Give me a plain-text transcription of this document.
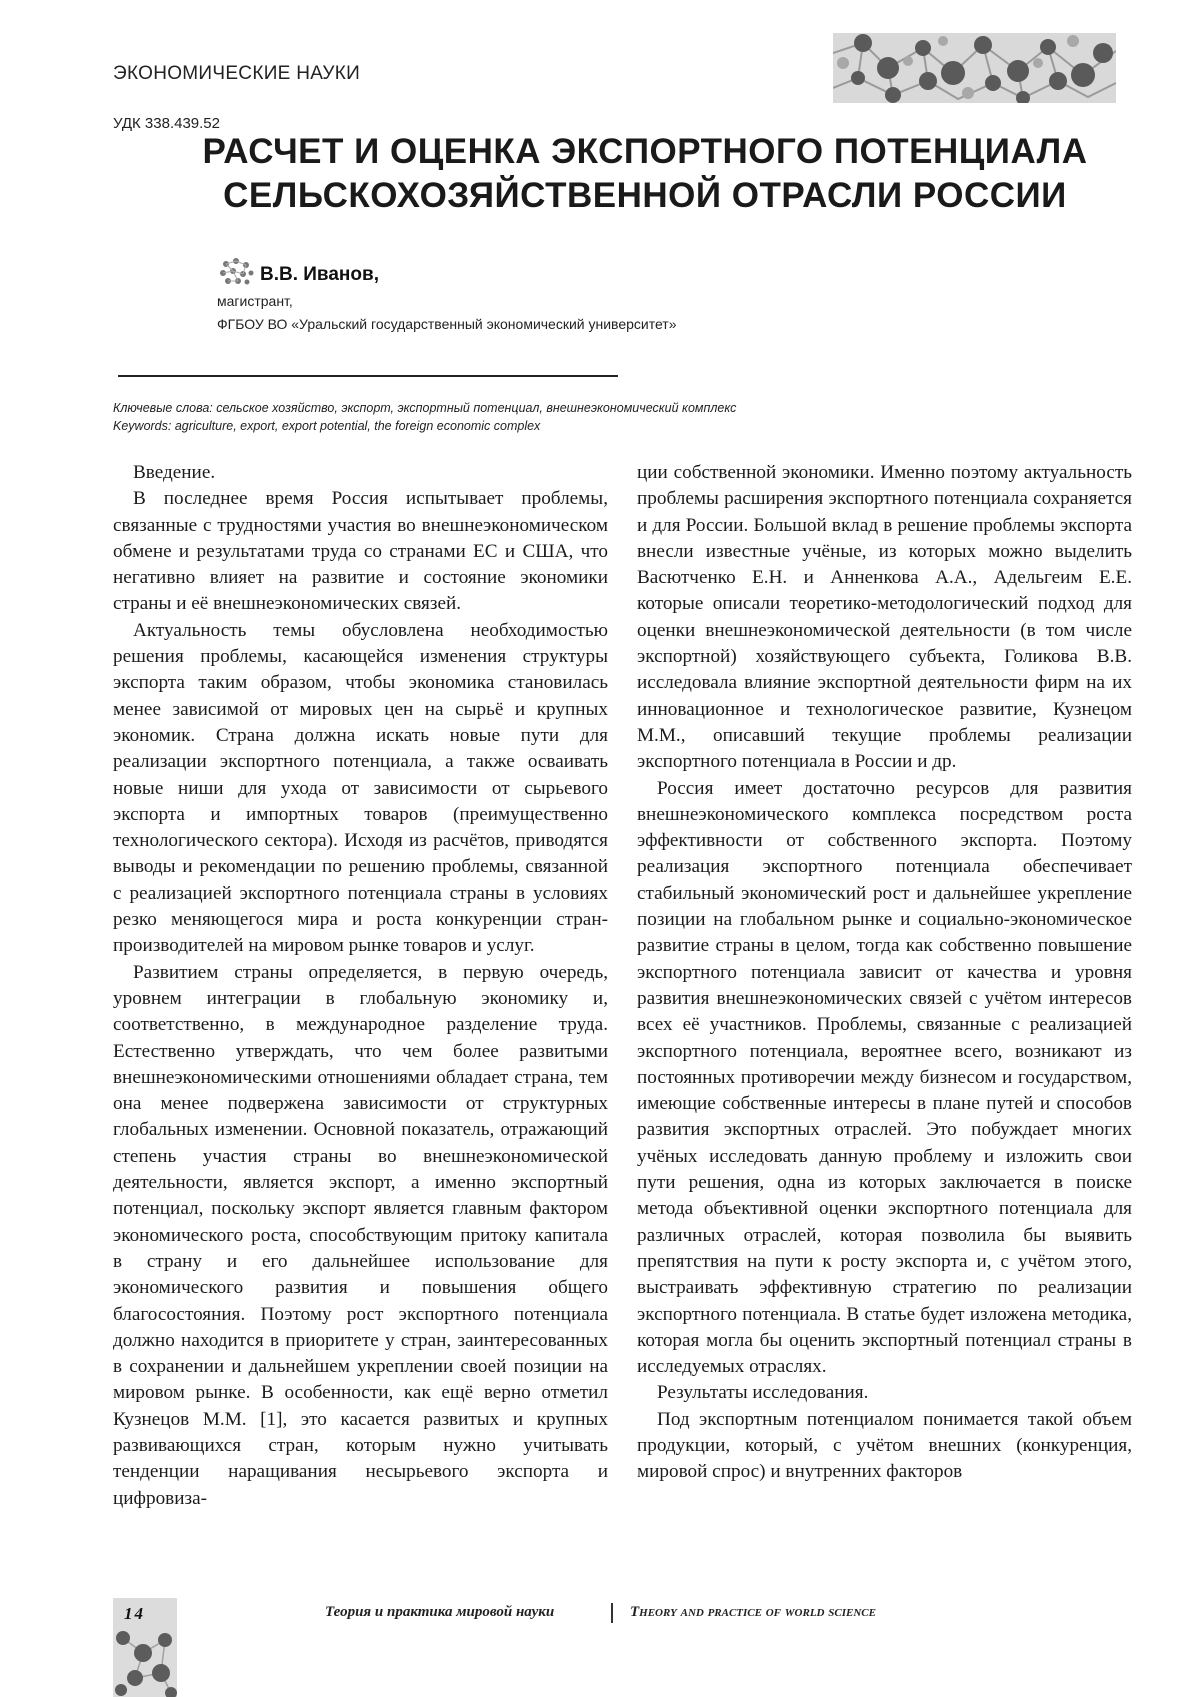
ЭКОНОМИЧЕСКИЕ НАУКИ
УДК 338.439.52
РАСЧЕТ И ОЦЕНКА ЭКСПОРТНОГО ПОТЕНЦИАЛА
СЕЛЬСКОХОЗЯЙСТВЕННОЙ ОТРАСЛИ РОССИИ
В.В. Иванов,
магистрант,
ФГБОУ ВО «Уральский государственный экономический университет»
Ключевые слова: сельское хозяйство, экспорт, экспортный потенциал, внешнеэкономический комплекс
Keywords: agriculture, export, export potential, the foreign economic complex

Введение.

В последнее время Россия испытывает проблемы, связанные с трудностями участия во внешнеэкономическом обмене и результатами труда со странами ЕС и США, что негативно влияет на развитие и состояние экономики страны и её внешнеэкономических связей.

Актуальность темы обусловлена необходимостью решения проблемы, касающейся изменения структуры экспорта таким образом, чтобы экономика становилась менее зависимой от мировых цен на сырьё и крупных экономик. Страна должна искать новые пути для реализации экспортного потенциала, а также осваивать новые ниши для ухода от зависимости от сырьевого экспорта и импортных товаров (преимущественно технологического сектора). Исходя из расчётов, приводятся выводы и рекомендации по решению проблемы, связанной с реализацией экспортного потенциала страны в условиях резко меняющегося мира и роста конкуренции стран-производителей на мировом рынке товаров и услуг.

Развитием страны определяется, в первую очередь, уровнем интеграции в глобальную экономику и, соответственно, в международное разделение труда. Естественно утверждать, что чем более развитыми внешнеэкономическими отношениями обладает страна, тем она менее подвержена зависимости от структурных глобальных изменении. Основной показатель, отражающий степень участия страны во внешнеэкономической деятельности, является экспорт, а именно экспортный потенциал, поскольку экспорт является главным фактором экономического роста, способствующим притоку капитала в страну и его дальнейшее использование для экономического развития и повышения общего благосостояния. Поэтому рост экспортного потенциала должно находится в приоритете у стран, заинтересованных в сохранении и дальнейшем укреплении своей позиции на мировом рынке. В особенности, как ещё верно отметил Кузнецов М.М. [1], это касается развитых и крупных развивающихся стран, которым нужно учитывать тенденции наращивания несырьевого экспорта и цифровиза-

ции собственной экономики. Именно поэтому актуальность проблемы расширения экспортного потенциала сохраняется и для России. Большой вклад в решение проблемы экспорта внесли известные учёные, из которых можно выделить Васютченко Е.Н. и Анненкова А.А., Адельгеим Е.Е. которые описали теоретико-методологический подход для оценки внешнеэкономической деятельности (в том числе экспортной) хозяйствующего субъекта, Голикова В.В. исследовала влияние экспортной деятельности фирм на их инновационное и технологическое развитие, Кузнецом М.М., описавший текущие проблемы реализации экспортного потенциала в России и др.

Россия имеет достаточно ресурсов для развития внешнеэкономического комплекса посредством роста эффективности от собственного экспорта. Поэтому реализация экспортного потенциала обеспечивает стабильный экономический рост и дальнейшее укрепление позиции на глобальном рынке и социально-экономическое развитие страны в целом, тогда как собственно повышение экспортного потенциала зависит от качества и уровня развития внешнеэкономических связей с учётом интересов всех её участников. Проблемы, связанные с реализацией экспортного потенциала, вероятнее всего, возникают из постоянных противоречии между бизнесом и государством, имеющие собственные интересы в плане путей и способов развития экспортных отраслей. Это побуждает многих учёных исследовать данную проблему и изложить свои пути решения, одна из которых заключается в поиске метода объективной оценки экспортного потенциала для различных отраслей, которая позволила бы выявить препятствия на пути к росту экспорта и, с учётом этого, выстраивать эффективную стратегию по реализации экспортного потенциала. В статье будет изложена методика, которая могла бы оценить экспортный потенциал страны в исследуемых отраслях.

Результаты исследования.

Под экспортным потенциалом понимается такой объем продукции, который, с учётом внешних (конкуренция, мировой спрос) и внутренних факторов

14	Теория и практика мировой науки	Theory and practice of world science
